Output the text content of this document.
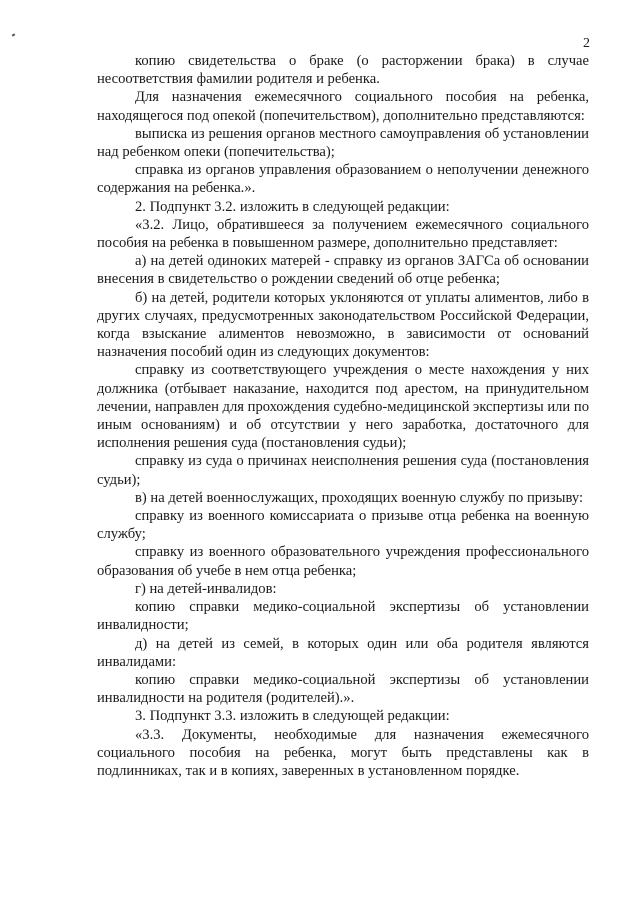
2

копию свидетельства о браке (о расторжении брака) в случае несоответствия фамилии родителя и ребенка.

Для назначения ежемесячного социального пособия на ребенка, находящегося под опекой (попечительством), дополнительно представляются:

выписка из решения органов местного самоуправления об установлении над ребенком опеки (попечительства);

справка из органов управления образованием о неполучении денежного содержания на ребенка.».

2. Подпункт 3.2. изложить в следующей редакции:

«3.2. Лицо, обратившееся за получением ежемесячного социального пособия на ребенка в повышенном размере, дополнительно представляет:

а) на детей одиноких матерей - справку из органов ЗАГСа об основании внесения в свидетельство о рождении сведений об отце ребенка;

б) на детей, родители которых уклоняются от уплаты алиментов, либо в других случаях, предусмотренных законодательством Российской Федерации, когда взыскание алиментов невозможно, в зависимости от оснований назначения пособий один из следующих документов:

справку из соответствующего учреждения о месте нахождения у них должника (отбывает наказание, находится под арестом, на принудительном лечении, направлен для прохождения судебно-медицинской экспертизы или по иным основаниям) и об отсутствии у него заработка, достаточного для исполнения решения суда (постановления судьи);

справку из суда о причинах неисполнения решения суда (постановления судьи);

в) на детей военнослужащих, проходящих военную службу по призыву:

справку из военного комиссариата о призыве отца ребенка на военную службу;

справку из военного образовательного учреждения профессионального образования об учебе в нем отца ребенка;

г) на детей-инвалидов:

копию справки медико-социальной экспертизы об установлении инвалидности;

д) на детей из семей, в которых один или оба родителя являются инвалидами:

копию справки медико-социальной экспертизы об установлении инвалидности на родителя (родителей).».

3. Подпункт 3.3. изложить в следующей редакции:

«3.3. Документы, необходимые для назначения ежемесячного социального пособия на ребенка, могут быть представлены как в подлинниках, так и в копиях, заверенных в установленном порядке.
